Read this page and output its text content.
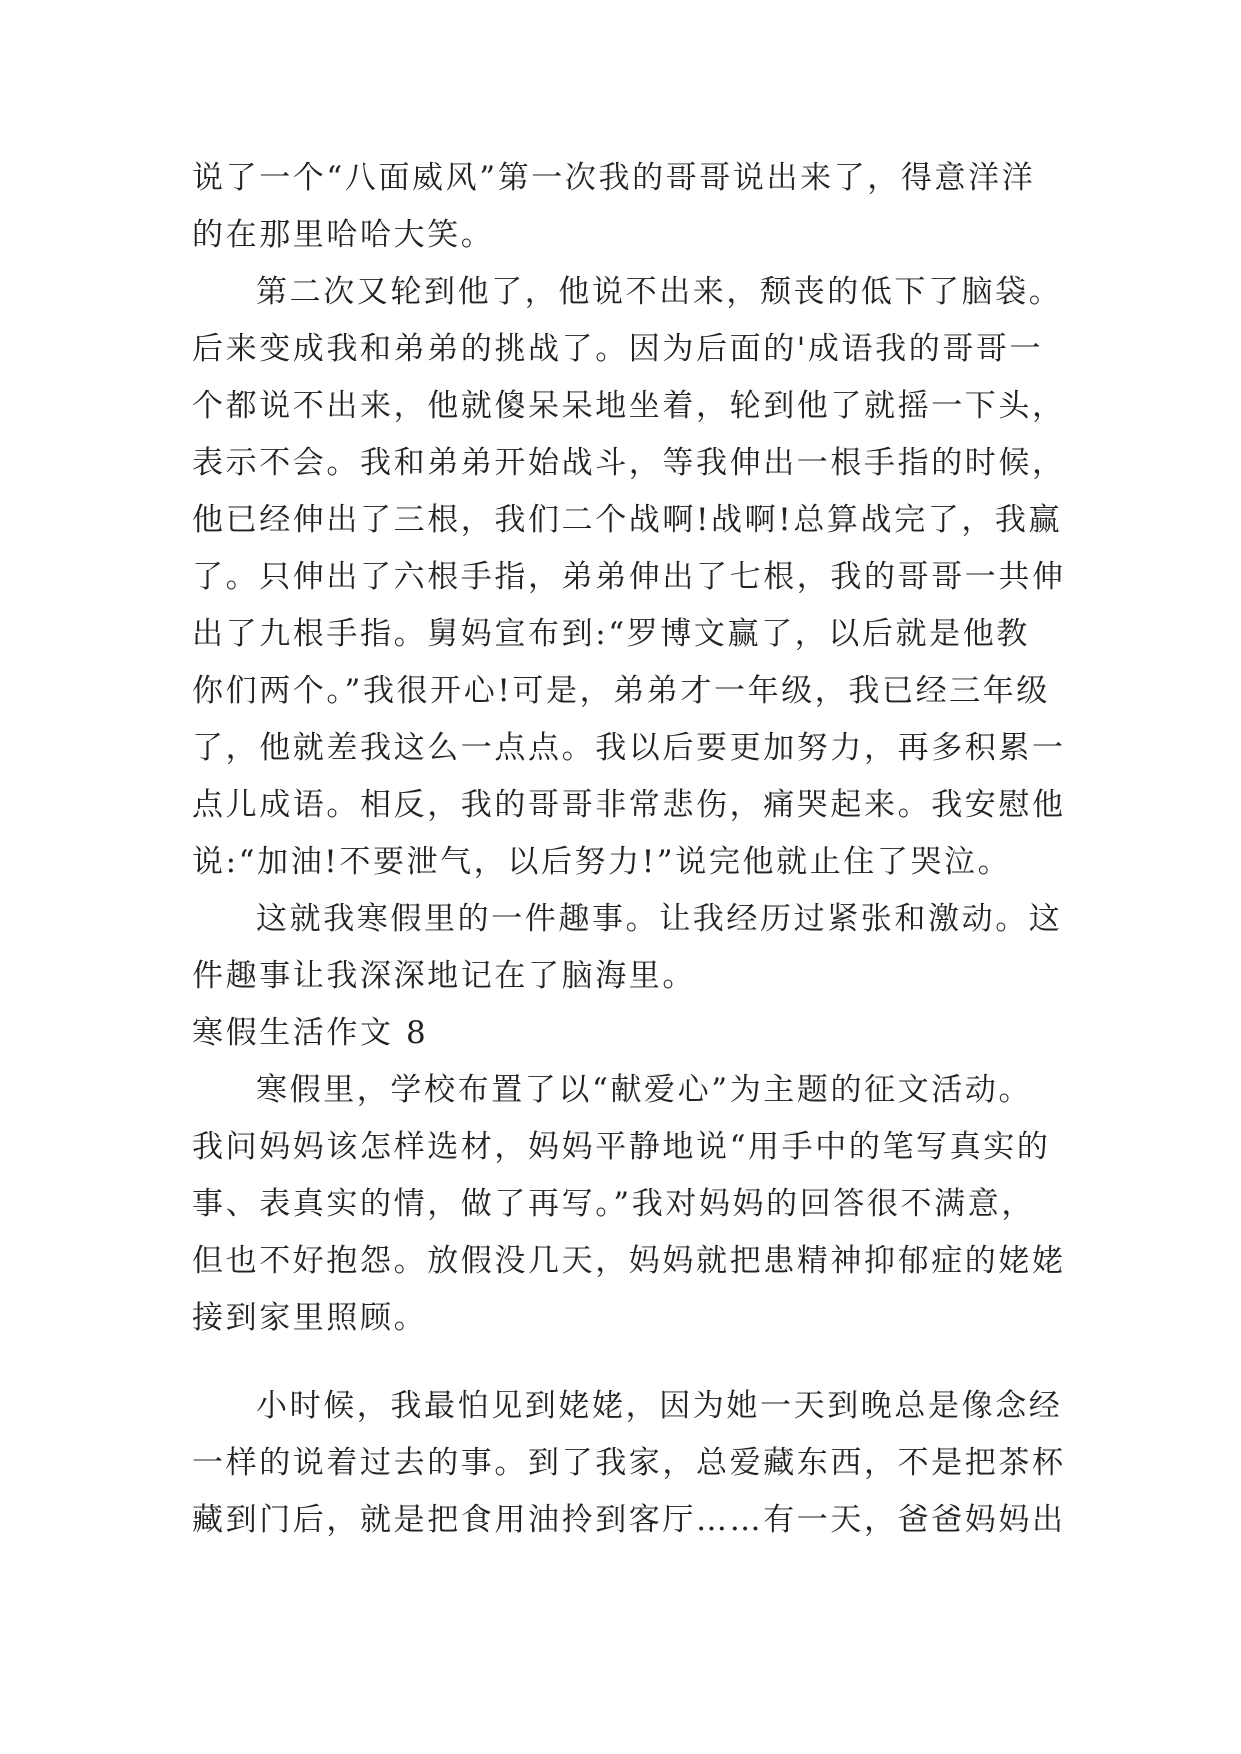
说了一个“八面威风”第一次我的哥哥说出来了，得意洋洋
的在那里哈哈大笑。
第二次又轮到他了，他说不出来，颓丧的低下了脑袋。
后来变成我和弟弟的挑战了。因为后面的'成语我的哥哥一
个都说不出来，他就傻呆呆地坐着，轮到他了就摇一下头，
表示不会。我和弟弟开始战斗，等我伸出一根手指的时候，
他已经伸出了三根，我们二个战啊!战啊!总算战完了，我赢
了。只伸出了六根手指，弟弟伸出了七根，我的哥哥一共伸
出了九根手指。舅妈宣布到:“罗博文赢了，以后就是他教
你们两个。”我很开心!可是，弟弟才一年级，我已经三年级
了，他就差我这么一点点。我以后要更加努力，再多积累一
点儿成语。相反，我的哥哥非常悲伤，痛哭起来。我安慰他
说:“加油!不要泄气，以后努力!”说完他就止住了哭泣。
这就我寒假里的一件趣事。让我经历过紧张和激动。这
件趣事让我深深地记在了脑海里。
寒假生活作文 8
寒假里，学校布置了以“献爱心”为主题的征文活动。
我问妈妈该怎样选材，妈妈平静地说“用手中的笔写真实的
事、表真实的情，做了再写。”我对妈妈的回答很不满意，
但也不好抱怨。放假没几天，妈妈就把患精神抑郁症的姥姥
接到家里照顾。
小时候，我最怕见到姥姥，因为她一天到晚总是像念经
一样的说着过去的事。到了我家，总爱藏东西，不是把茶杯
藏到门后，就是把食用油拎到客厅……有一天，爸爸妈妈出
